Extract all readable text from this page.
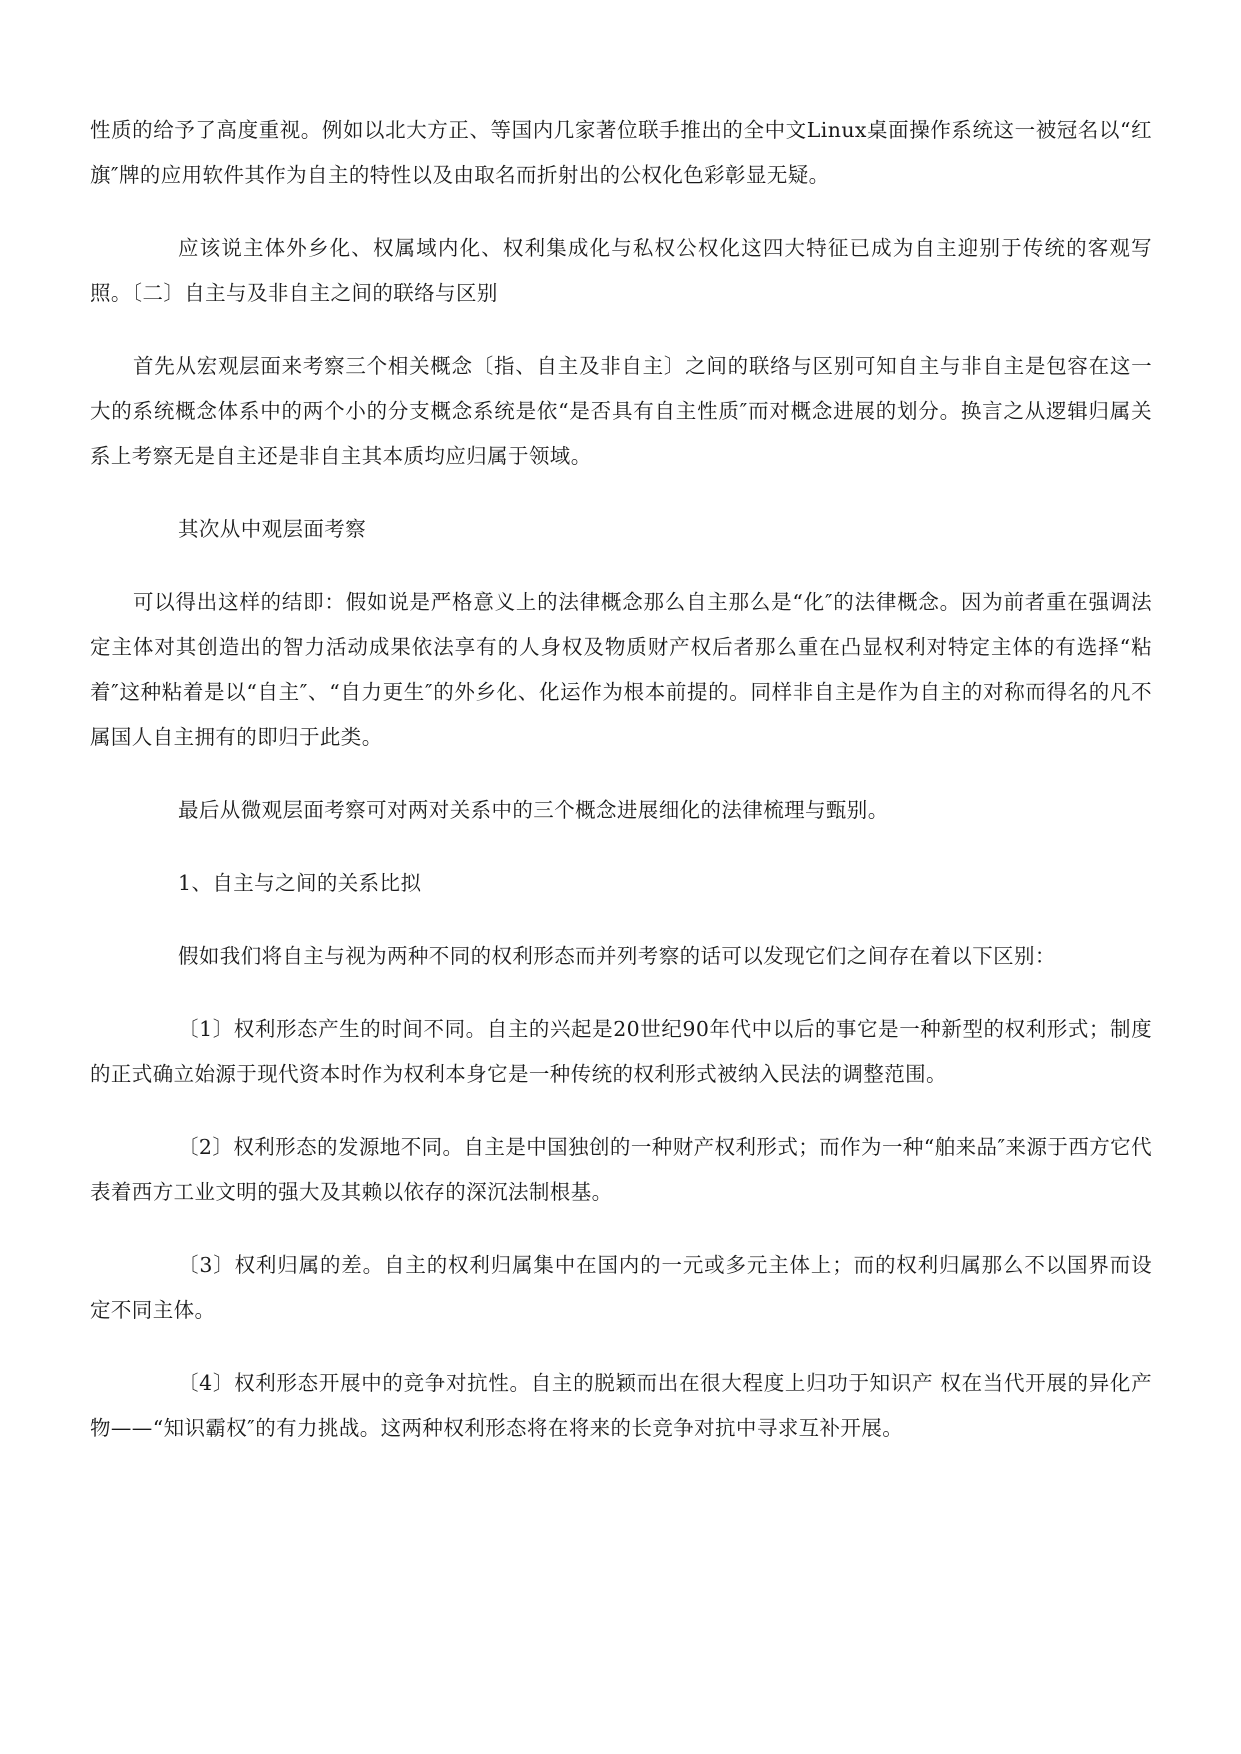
性质的给予了高度重视。例如以北大方正、等国内几家著位联手推出的全中文Linux桌面操作系统这一被冠名以“红旗″牌的应用软件其作为自主的特性以及由取名而折射出的公权化色彩彰显无疑。

应该说主体外乡化、权属域内化、权利集成化与私权公权化这四大特征已成为自主迎别于传统的客观写照。〔二〕自主与及非自主之间的联络与区别

首先从宏观层面来考察三个相关概念〔指、自主及非自主〕之间的联络与区别可知自主与非自主是包容在这一大的系统概念体系中的两个小的分支概念系统是依“是否具有自主性质″而对概念进展的划分。换言之从逻辑归属关系上考察无是自主还是非自主其本质均应归属于领域。

其次从中观层面考察

可以得出这样的结即：假如说是严格意义上的法律概念那么自主那么是“化″的法律概念。因为前者重在强调法定主体对其创造出的智力活动成果依法享有的人身权及物质财产权后者那么重在凸显权利对特定主体的有选择“粘着″这种粘着是以“自主″、“自力更生″的外乡化、化运作为根本前提的。同样非自主是作为自主的对称而得名的凡不属国人自主拥有的即归于此类。

最后从微观层面考察可对两对关系中的三个概念进展细化的法律梳理与甄别。

1、自主与之间的关系比拟

假如我们将自主与视为两种不同的权利形态而并列考察的话可以发现它们之间存在着以下区别：

〔1〕权利形态产生的时间不同。自主的兴起是20世纪90年代中以后的事它是一种新型的权利形式；制度的正式确立始源于现代资本时作为权利本身它是一种传统的权利形式被纳入民法的调整范围。

〔2〕权利形态的发源地不同。自主是中国独创的一种财产权利形式；而作为一种“舶来品″来源于西方它代表着西方工业文明的强大及其赖以依存的深沉法制根基。

〔3〕权利归属的差。自主的权利归属集中在国内的一元或多元主体上；而的权利归属那么不以国界而设定不同主体。

〔4〕权利形态开展中的竞争对抗性。自主的脱颖而出在很大程度上归功于知识产 权在当代开展的异化产物——“知识霸权″的有力挑战。这两种权利形态将在将来的长竞争对抗中寻求互补开展。
